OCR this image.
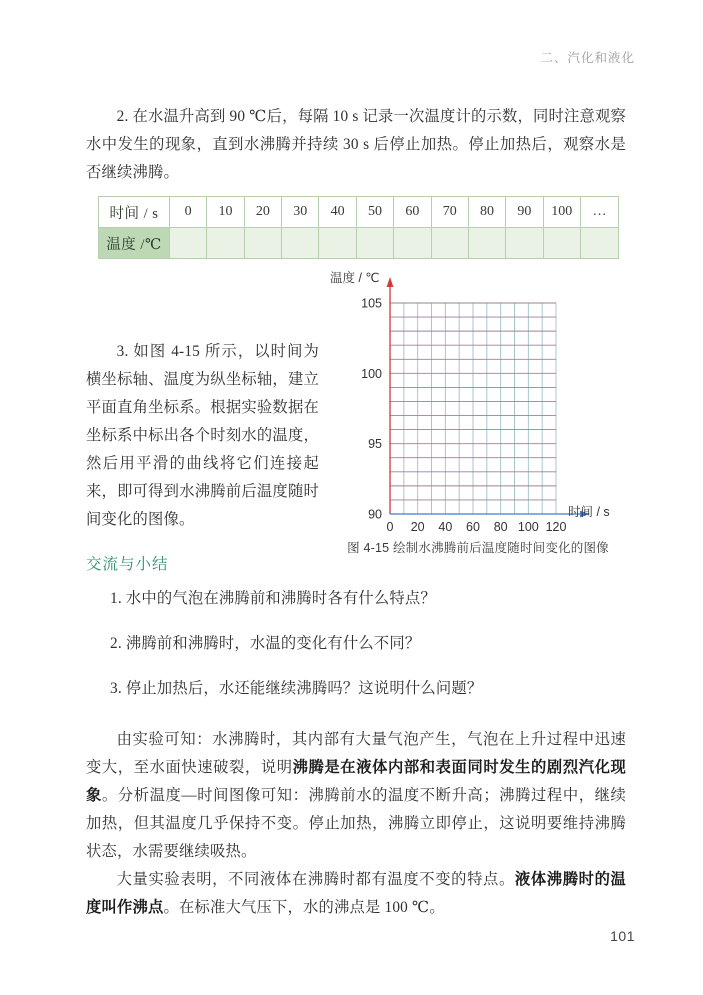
二、汽化和液化
2. 在水温升高到 90 ℃后，每隔 10 s 记录一次温度计的示数，同时注意观察水中发生的现象，直到水沸腾并持续 30 s 后停止加热。停止加热后，观察水是否继续沸腾。
时间 / s	0	10	20	30	40	50	60	70	80	90	100	…
温度 /℃												
3. 如图 4-15 所示，以时间为横坐标轴、温度为纵坐标轴，建立平面直角坐标系。根据实验数据在坐标系中标出各个时刻水的温度，然后用平滑的曲线将它们连接起来，即可得到水沸腾前后温度随时间变化的图像。	0 20 40 60 80 100 120
90
95
100
105
温度 / ℃
时间 / s
图 4-15 绘制水沸腾前后温度随时间变化的图像
交流与小结
1. 水中的气泡在沸腾前和沸腾时各有什么特点？
2. 沸腾前和沸腾时，水温的变化有什么不同？
3. 停止加热后，水还能继续沸腾吗？这说明什么问题？
由实验可知：水沸腾时，其内部有大量气泡产生，气泡在上升过程中迅速变大，至水面快速破裂，说明沸腾是在液体内部和表面同时发生的剧烈汽化现象。分析温度—时间图像可知：沸腾前水的温度不断升高；沸腾过程中，继续加热，但其温度几乎保持不变。停止加热，沸腾立即停止，这说明要维持沸腾状态，水需要继续吸热。
大量实验表明，不同液体在沸腾时都有温度不变的特点。液体沸腾时的温度叫作沸点。在标准大气压下，水的沸点是 100 ℃。
101
